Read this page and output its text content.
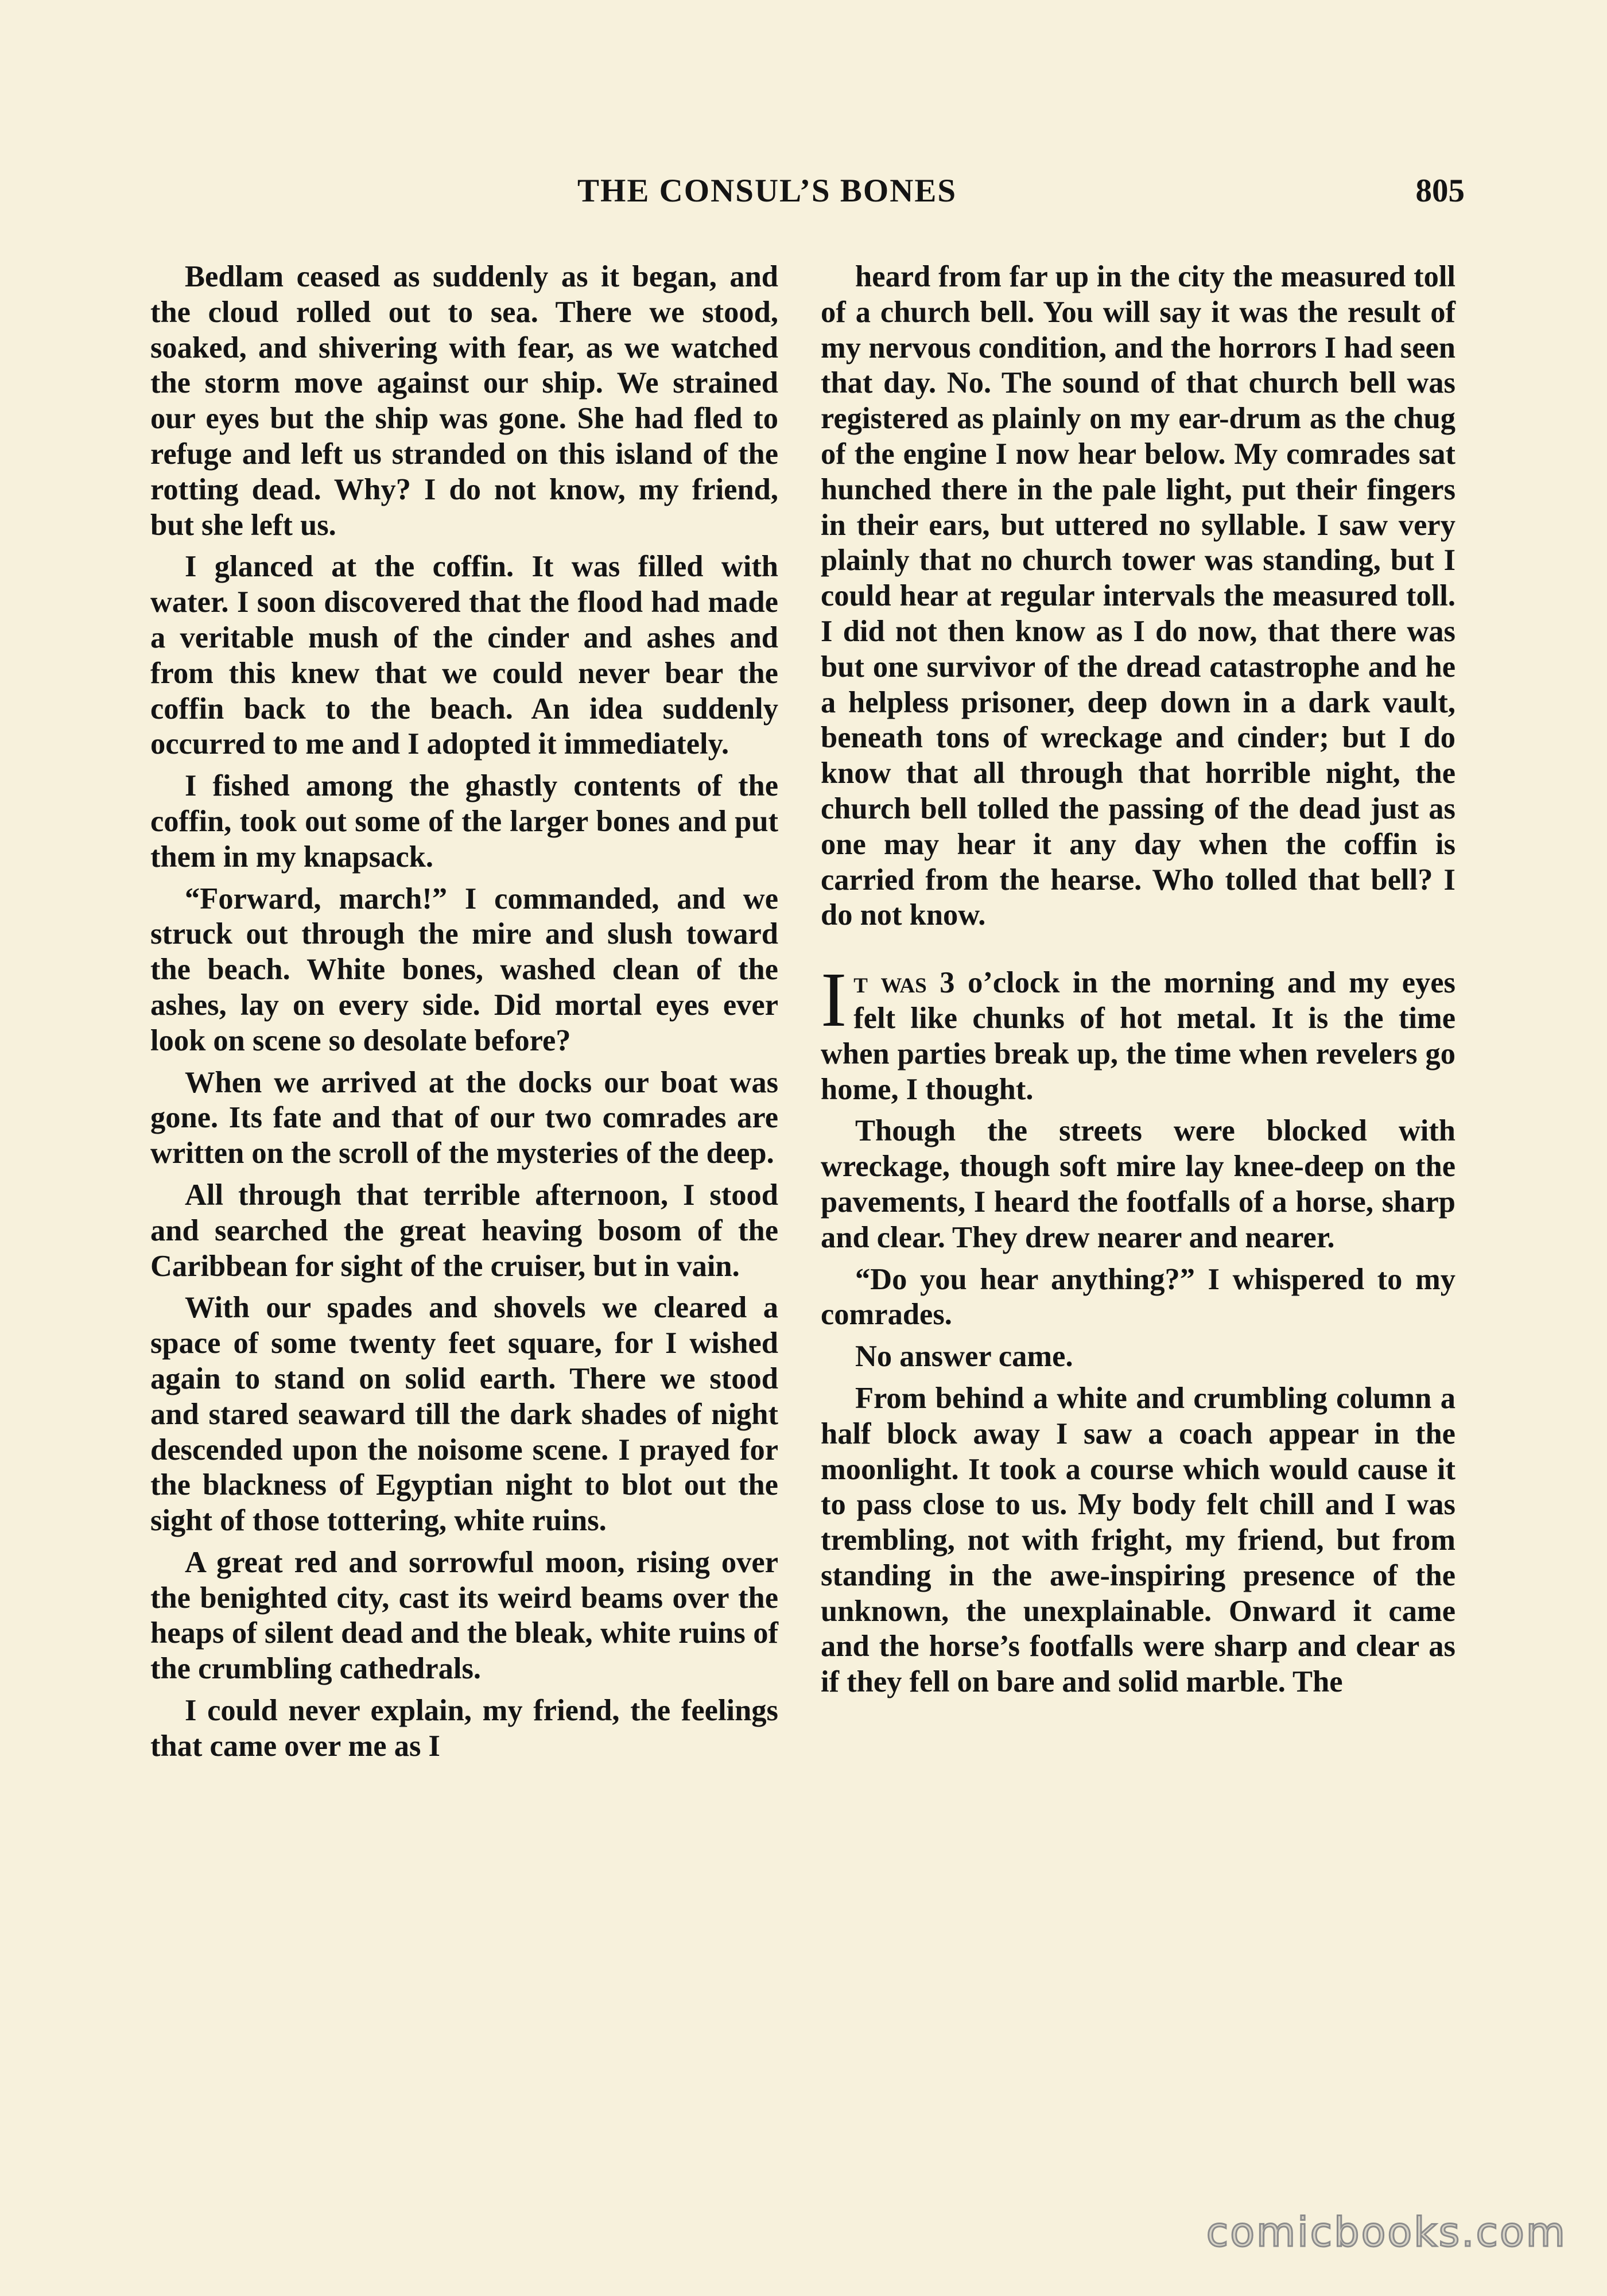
THE CONSUL’S BONES	805

Bedlam ceased as suddenly as it began, and the cloud rolled out to sea. There we stood, soaked, and shivering with fear, as we watched the storm move against our ship. We strained our eyes but the ship was gone. She had fled to refuge and left us stranded on this island of the rotting dead. Why? I do not know, my friend, but she left us.

I glanced at the coffin. It was filled with water. I soon discovered that the flood had made a veritable mush of the cinder and ashes and from this knew that we could never bear the coffin back to the beach. An idea suddenly occurred to me and I adopted it immediately.

I fished among the ghastly contents of the coffin, took out some of the larger bones and put them in my knapsack.

“Forward, march!” I commanded, and we struck out through the mire and slush toward the beach. White bones, washed clean of the ashes, lay on every side. Did mortal eyes ever look on scene so desolate before?

When we arrived at the docks our boat was gone. Its fate and that of our two comrades are written on the scroll of the mysteries of the deep.

All through that terrible afternoon, I stood and searched the great heaving bosom of the Caribbean for sight of the cruiser, but in vain.

With our spades and shovels we cleared a space of some twenty feet square, for I wished again to stand on solid earth. There we stood and stared seaward till the dark shades of night descended upon the noisome scene. I prayed for the blackness of Egyptian night to blot out the sight of those tottering, white ruins.

A great red and sorrowful moon, rising over the benighted city, cast its weird beams over the heaps of silent dead and the bleak, white ruins of the crumbling cathedrals.

I could never explain, my friend, the feelings that came over me as I

heard from far up in the city the measured toll of a church bell. You will say it was the result of my nervous condition, and the horrors I had seen that day. No. The sound of that church bell was registered as plainly on my ear-drum as the chug of the engine I now hear below. My comrades sat hunched there in the pale light, put their fingers in their ears, but uttered no syllable. I saw very plainly that no church tower was standing, but I could hear at regular intervals the measured toll. I did not then know as I do now, that there was but one survivor of the dread catastrophe and he a helpless prisoner, deep down in a dark vault, beneath tons of wreckage and cinder; but I do know that all through that horrible night, the church bell tolled the passing of the dead just as one may hear it any day when the coffin is carried from the hearse. Who tolled that bell? I do not know.

It was 3 o’clock in the morning and my eyes felt like chunks of hot metal. It is the time when parties break up, the time when revelers go home, I thought.

Though the streets were blocked with wreckage, though soft mire lay knee-deep on the pavements, I heard the footfalls of a horse, sharp and clear. They drew nearer and nearer.

“Do you hear anything?” I whispered to my comrades.

No answer came.

From behind a white and crumbling column a half block away I saw a coach appear in the moonlight. It took a course which would cause it to pass close to us. My body felt chill and I was trembling, not with fright, my friend, but from standing in the awe-inspiring presence of the unknown, the unexplainable. Onward it came and the horse’s footfalls were sharp and clear as if they fell on bare and solid marble. The

comicbooks.com
